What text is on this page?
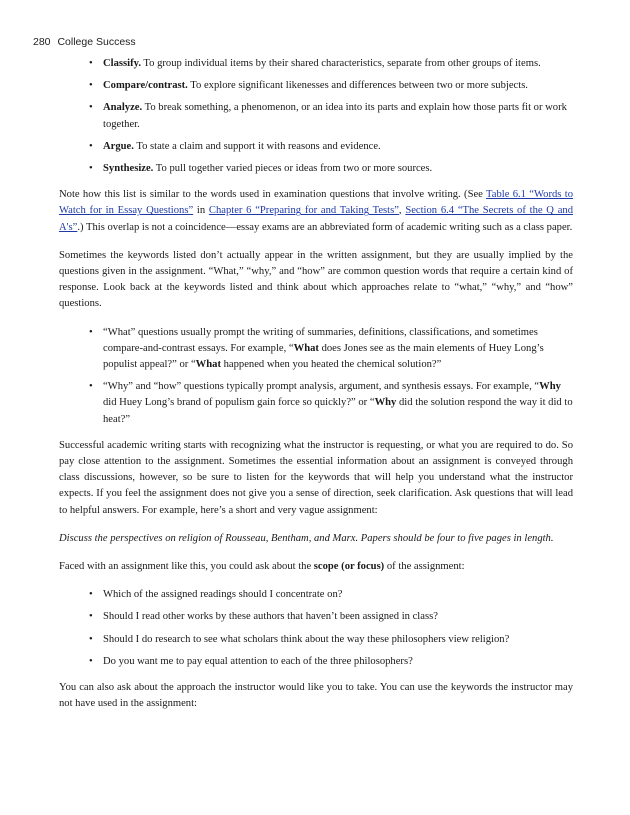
280 College Success
• Classify. To group individual items by their shared characteristics, separate from other groups of items.
• Compare/contrast. To explore significant likenesses and differences between two or more subjects.
• Analyze. To break something, a phenomenon, or an idea into its parts and explain how those parts fit or work together.
• Argue. To state a claim and support it with reasons and evidence.
• Synthesize. To pull together varied pieces or ideas from two or more sources.

Note how this list is similar to the words used in examination questions that involve writing. (See Table 6.1 “Words to Watch for in Essay Questions” in Chapter 6 “Preparing for and Taking Tests”, Section 6.4 “The Secrets of the Q and A's”.) This overlap is not a coincidence—essay exams are an abbreviated form of academic writing such as a class paper.

Sometimes the keywords listed don’t actually appear in the written assignment, but they are usually implied by the questions given in the assignment. “What,” “why,” and “how” are common question words that require a certain kind of response. Look back at the keywords listed and think about which approaches relate to “what,” “why,” and “how” questions.

• “What” questions usually prompt the writing of summaries, definitions, classifications, and sometimes compare-and-contrast essays. For example, “What does Jones see as the main elements of Huey Long’s populist appeal?” or “What happened when you heated the chemical solution?”
• “Why” and “how” questions typically prompt analysis, argument, and synthesis essays. For example, “Why did Huey Long’s brand of populism gain force so quickly?” or “Why did the solution respond the way it did to heat?”

Successful academic writing starts with recognizing what the instructor is requesting, or what you are required to do. So pay close attention to the assignment. Sometimes the essential information about an assignment is conveyed through class discussions, however, so be sure to listen for the keywords that will help you understand what the instructor expects. If you feel the assignment does not give you a sense of direction, seek clarification. Ask questions that will lead to helpful answers. For example, here’s a short and very vague assignment:

Discuss the perspectives on religion of Rousseau, Bentham, and Marx. Papers should be four to five pages in length.

Faced with an assignment like this, you could ask about the scope (or focus) of the assignment:

• Which of the assigned readings should I concentrate on?
• Should I read other works by these authors that haven’t been assigned in class?
• Should I do research to see what scholars think about the way these philosophers view religion?
• Do you want me to pay equal attention to each of the three philosophers?

You can also ask about the approach the instructor would like you to take. You can use the keywords the instructor may not have used in the assignment:
